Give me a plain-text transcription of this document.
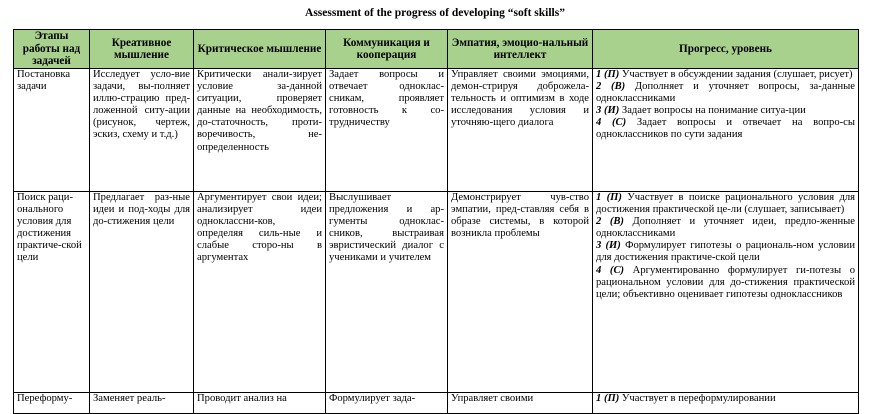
Assessment of the progress of developing “soft skills”
Этапы работы над задачей	Креативное мышление	Критическое мышление	Коммуникация и кооперация	Эмпатия, эмоцио-нальный интеллект	Прогресс, уровень
Постановка задачи	Исследует усло-вие задачи, вы-полняет иллю-страцию пред-ложенной ситу-ации (рисунок, чертеж, эскиз, схему и т.д.)	Критически анали-зирует условие за-данной ситуации, проверяет данные на необходимость, до-статочность, проти-воречивость, не-определенность	Задает вопросы и отвечает однoклас-сникам, проявляет готовность к со-трудничеству	Управляет своими эмоциями, демон-стрируя доброжела-тельность и оптимизм в ходе исследования условия и уточняю-щего диалога	1 (П) Участвует в обсуждении задания (слушает, рисует)
2 (В) Дополняет и уточняет вопросы, за-данные одноклассниками
3 (И) Задает вопросы на понимание ситуа-ции
4 (С) Задает вопросы и отвечает на вопро-сы одноклассников по сути задания

Поиск раци-онального условия для достижения практиче-ской цели	Предлагает раз-ные идеи и под-ходы для до-стижения цели	Аргументирует свои идеи; анализирует идеи одноклассни-ков, определяя силь-ные и слабые сторо-ны в аргументах	Выслушивает предложения и ар-гументы однoклас-сников, выстраивая эвристический диалог с учениками и учителем	Демонстрирует чув-ство эмпатии, пред-ставляя себя в образе системы, в которой возникла проблемы	1 (П) Участвует в поиске рационального условия для достижения практической це-ли (слушает, записывает)
2 (В) Дополняет и уточняет идеи, предло-женные одноклассниками
3 (И) Формулирует гипотезы о рациональ-ном условии для достижения практиче-ской цели
4 (С) Аргументированно формулирует ги-потезы о рациональном условии для до-стижения практической цели; объективно оценивает гипотезы одноклассников

Переформу-	Заменяет реаль-	Проводит анализ на	Формулирует зада-	Управляет своими	1 (П) Участвует в переформулировании
